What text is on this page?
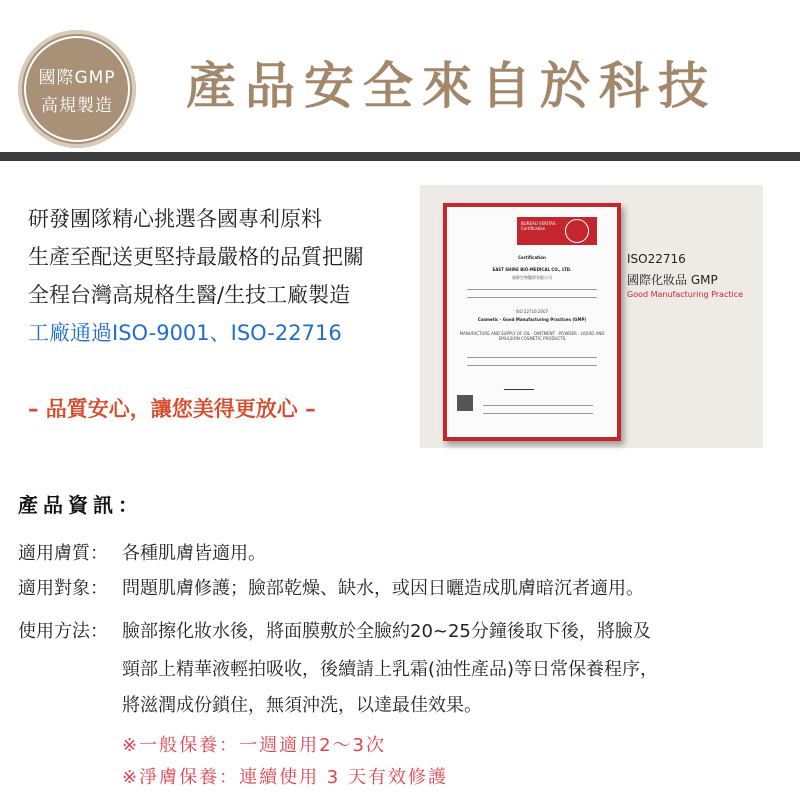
國際GMP
高規製造	產品安全來自於科技
研發團隊精心挑選各國專利原料
生產至配送更堅持最嚴格的品質把關
全程台灣高規格生醫/生技工廠製造
工廠通過ISO-9001、ISO-22716
– 品質安心，讓您美得更放心 –
BUREAU VERITAS Certification
Certification
EAST SHIRE BIO-MEDICAL CO., LTD.
東群生物醫學有限公司
ISO 22716:2007
Cosmetic - Good Manufacturing Practices (GMP)
MANUFACTURE AND SUPPLY OF OIL · OINTMENT · POWDER · LIQUID AND EMULSION COSMETIC PRODUCTS
ISO22716
國際化妝品 GMP
Good Manufacturing Practice
產品資訊：
適用膚質： 各種肌膚皆適用。
適用對象： 問題肌膚修護；臉部乾燥、缺水，或因日曬造成肌膚暗沉者適用。
使用方法： 臉部擦化妝水後，將面膜敷於全臉約20~25分鐘後取下後，將臉及
頸部上精華液輕拍吸收，後續請上乳霜(油性產品)等日常保養程序，
將滋潤成份鎖住，無須沖洗，以達最佳效果。
※一般保養：一週適用2～3次
※淨膚保養：連續使用 3 天有效修護
